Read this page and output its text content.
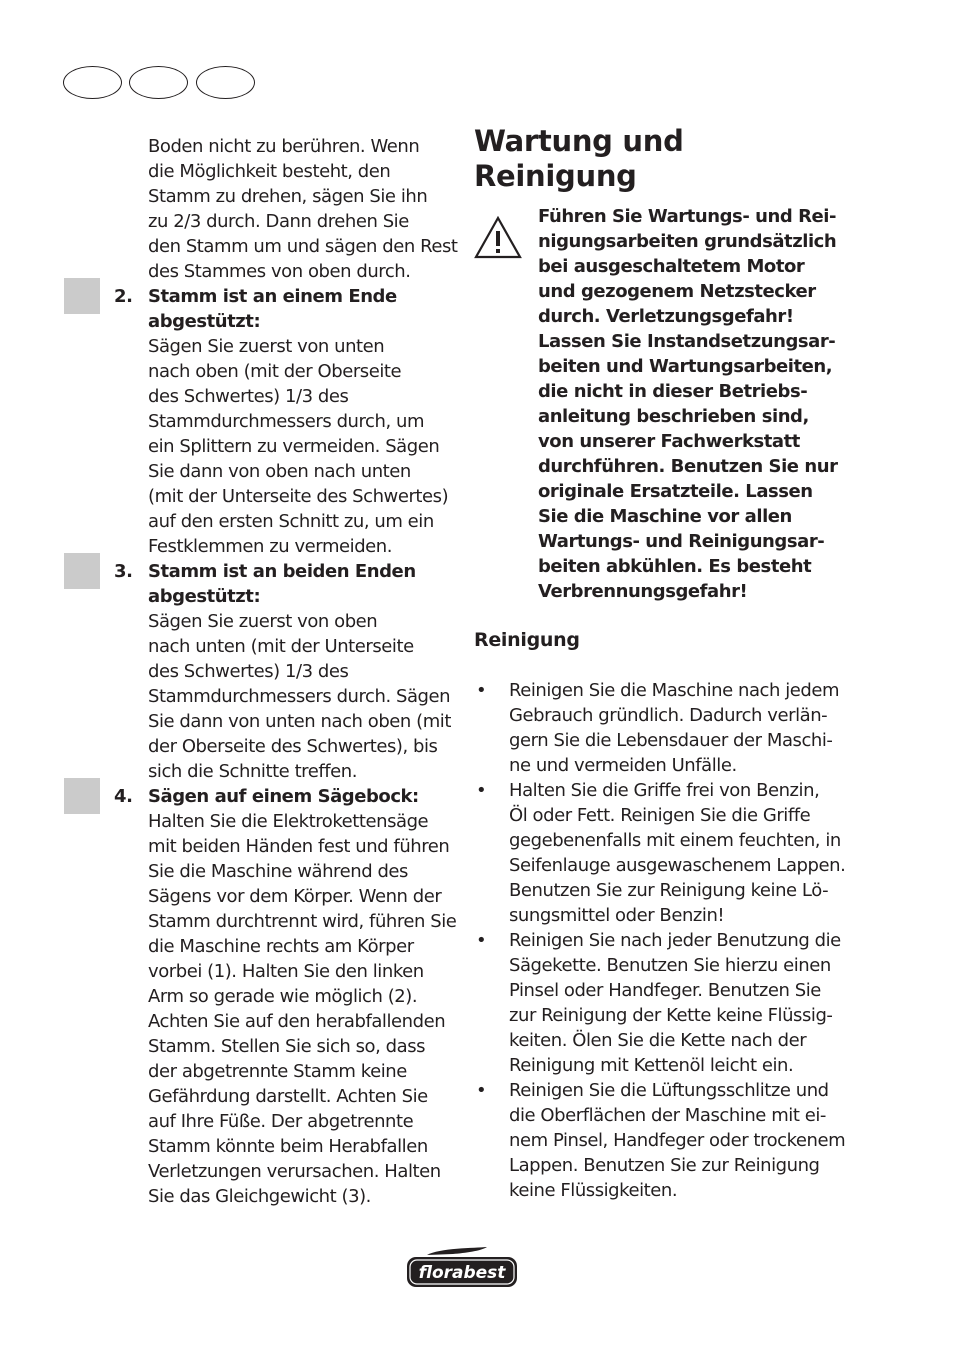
Boden nicht zu berühren. Wenn
die Möglichkeit besteht, den
Stamm zu drehen, sägen Sie ihn
zu 2/3 durch. Dann drehen Sie
den Stamm um und sägen den Rest
des Stammes von oben durch.

2. Stamm ist an einem Ende
abgestützt:
Sägen Sie zuerst von unten
nach oben (mit der Oberseite
des Schwertes) 1/3 des
Stammdurchmessers durch, um
ein Splittern zu vermeiden. Sägen
Sie dann von oben nach unten
(mit der Unterseite des Schwertes)
auf den ersten Schnitt zu, um ein
Festklemmen zu vermeiden.

3. Stamm ist an beiden Enden
abgestützt:
Sägen Sie zuerst von oben
nach unten (mit der Unterseite
des Schwertes) 1/3 des
Stammdurchmessers durch. Sägen
Sie dann von unten nach oben (mit
der Oberseite des Schwertes), bis
sich die Schnitte treffen.

4. Sägen auf einem Sägebock:
Halten Sie die Elektrokettensäge
mit beiden Händen fest und führen
Sie die Maschine während des
Sägens vor dem Körper. Wenn der
Stamm durchtrennt wird, führen Sie
die Maschine rechts am Körper
vorbei (1). Halten Sie den linken
Arm so gerade wie möglich (2).
Achten Sie auf den herabfallenden
Stamm. Stellen Sie sich so, dass
der abgetrennte Stamm keine
Gefährdung darstellt. Achten Sie
auf Ihre Füße. Der abgetrennte
Stamm könnte beim Herabfallen
Verletzungen verursachen. Halten
Sie das Gleichgewicht (3).

Wartung und
Reinigung
Führen Sie Wartungs- und Rei-
nigungsarbeiten grundsätzlich
bei ausgeschaltetem Motor
und gezogenem Netzstecker
durch. Verletzungsgefahr!
Lassen Sie Instandsetzungsar-
beiten und Wartungsarbeiten,
die nicht in dieser Betriebs-
anleitung beschrieben sind,
von unserer Fachwerkstatt
durchführen. Benutzen Sie nur
originale Ersatzteile. Lassen
Sie die Maschine vor allen
Wartungs- und Reinigungsar-
beiten abkühlen. Es besteht
Verbrennungsgefahr!
Reinigung
• Reinigen Sie die Maschine nach jedem
Gebrauch gründlich. Dadurch verlän-
gern Sie die Lebensdauer der Maschi-
ne und vermeiden Unfälle.
• Halten Sie die Griffe frei von Benzin,
Öl oder Fett. Reinigen Sie die Griffe
gegebenenfalls mit einem feuchten, in
Seifenlauge ausgewaschenem Lappen.
Benutzen Sie zur Reinigung keine Lö-
sungsmittel oder Benzin!
• Reinigen Sie nach jeder Benutzung die
Sägekette. Benutzen Sie hierzu einen
Pinsel oder Handfeger. Benutzen Sie
zur Reinigung der Kette keine Flüssig-
keiten. Ölen Sie die Kette nach der
Reinigung mit Kettenöl leicht ein.
• Reinigen Sie die Lüftungsschlitze und
die Oberflächen der Maschine mit ei-
nem Pinsel, Handfeger oder trockenem
Lappen. Benutzen Sie zur Reinigung
keine Flüssigkeiten.
florabest
